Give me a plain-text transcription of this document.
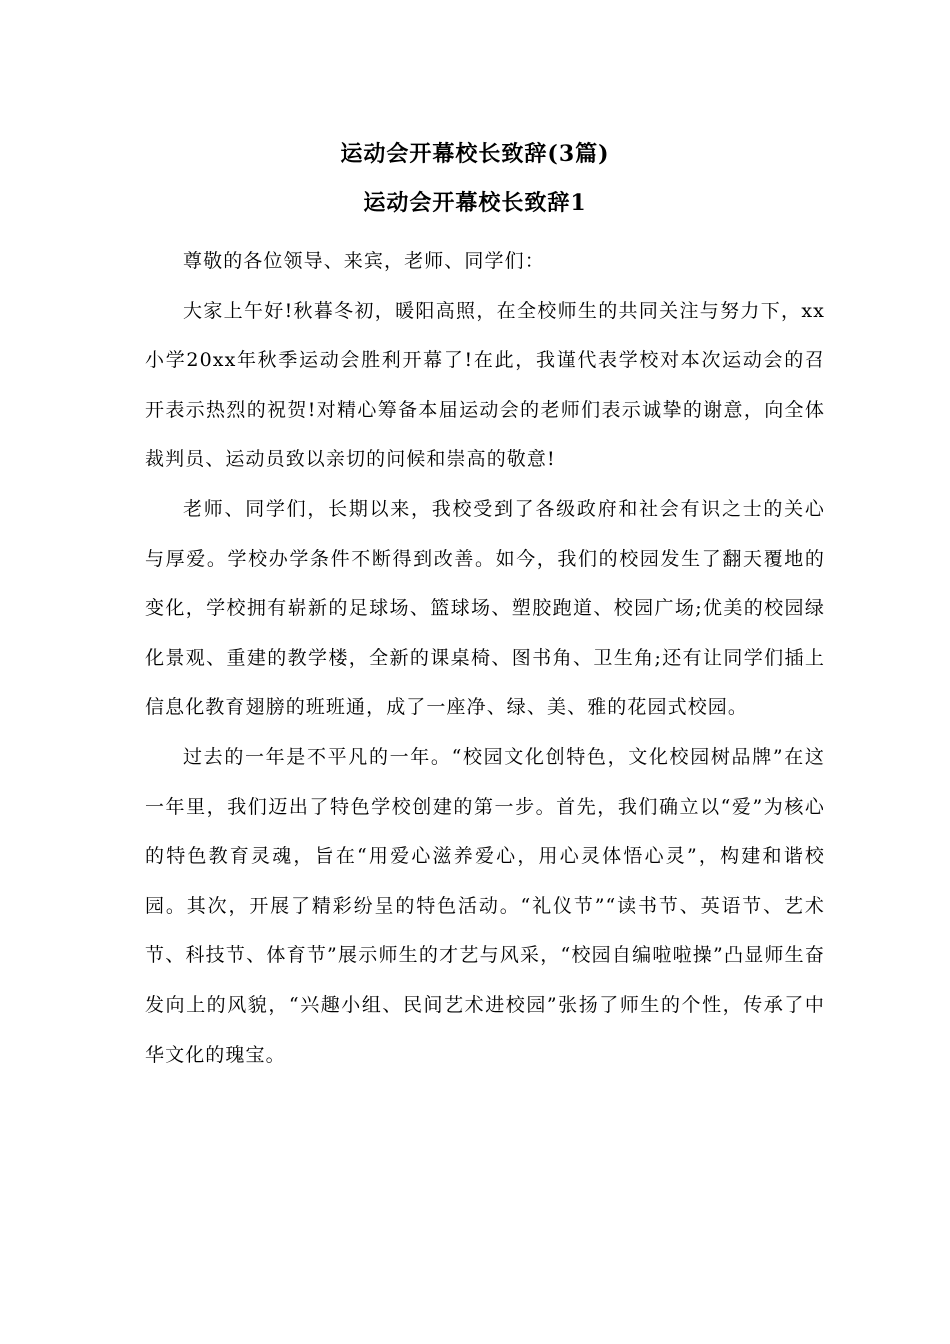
运动会开幕校长致辞(3篇)
运动会开幕校长致辞1

尊敬的各位领导、来宾，老师、同学们：

大家上午好!秋暮冬初，暖阳高照，在全校师生的共同关注与努力下，xx小学20xx年秋季运动会胜利开幕了!在此，我谨代表学校对本次运动会的召开表示热烈的祝贺!对精心筹备本届运动会的老师们表示诚挚的谢意，向全体裁判员、运动员致以亲切的问候和崇高的敬意!

老师、同学们，长期以来，我校受到了各级政府和社会有识之士的关心与厚爱。学校办学条件不断得到改善。如今，我们的校园发生了翻天覆地的变化，学校拥有崭新的足球场、篮球场、塑胶跑道、校园广场;优美的校园绿化景观、重建的教学楼，全新的课桌椅、图书角、卫生角;还有让同学们插上信息化教育翅膀的班班通，成了一座净、绿、美、雅的花园式校园。

过去的一年是不平凡的一年。“校园文化创特色，文化校园树品牌”在这一年里，我们迈出了特色学校创建的第一步。首先，我们确立以“爱”为核心的特色教育灵魂，旨在“用爱心滋养爱心，用心灵体悟心灵”，构建和谐校园。其次，开展了精彩纷呈的特色活动。“礼仪节”“读书节、英语节、艺术节、科技节、体育节”展示师生的才艺与风采，“校园自编啦啦操”凸显师生奋发向上的风貌，“兴趣小组、民间艺术进校园”张扬了师生的个性，传承了中华文化的瑰宝。
